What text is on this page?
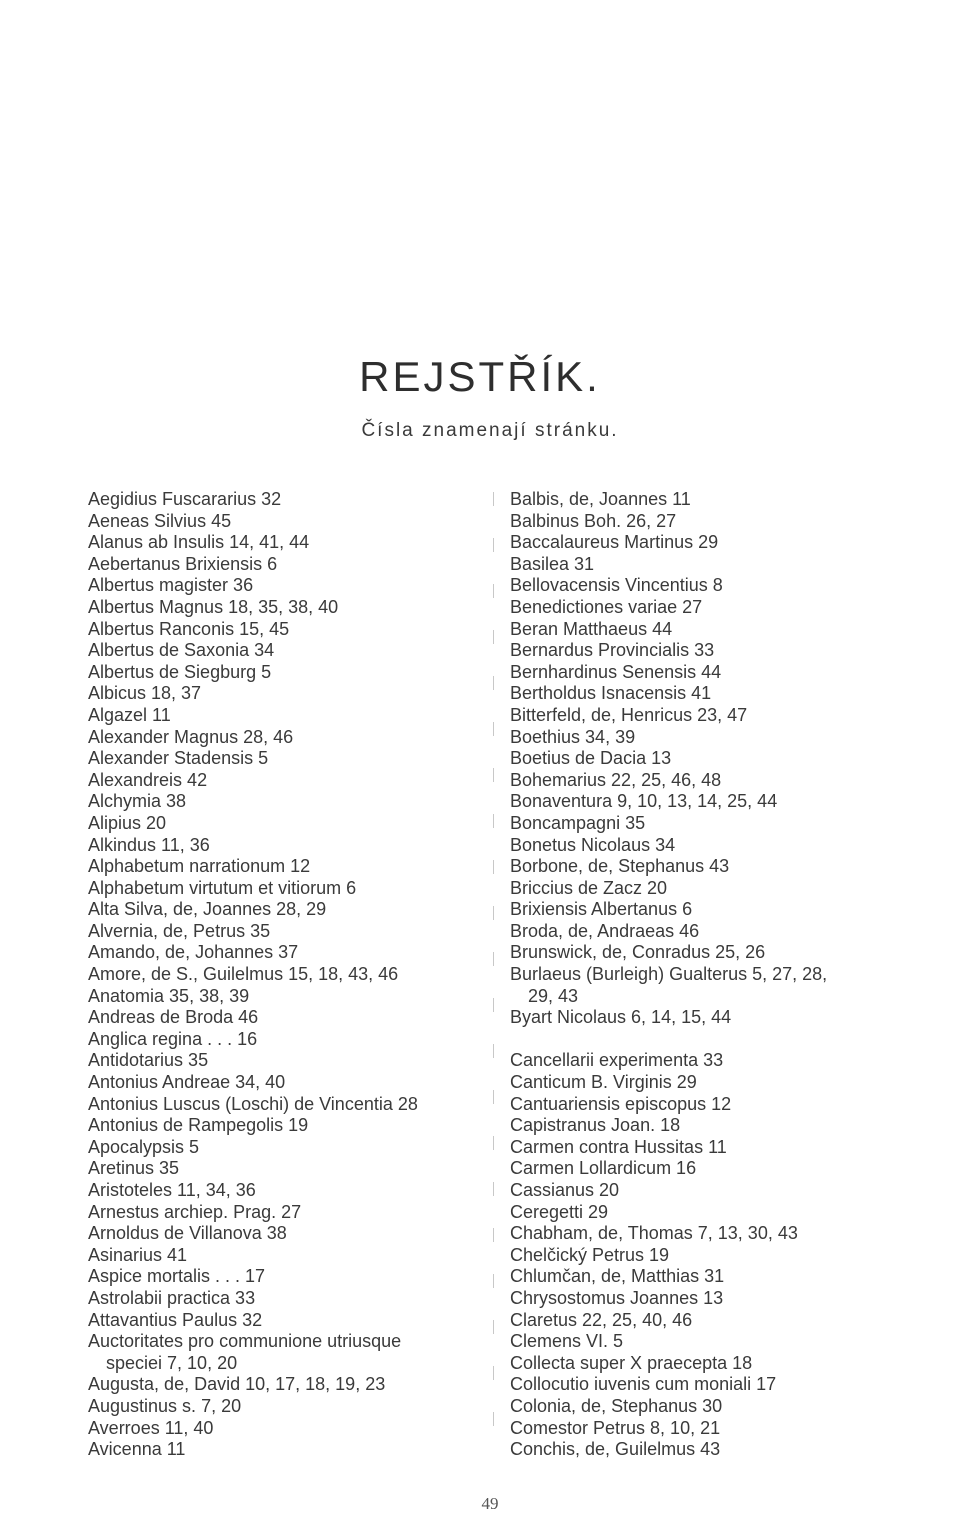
REJSTŘÍK.
Čísla znamenají stránku.
Aegidius Fuscararius 32
Aeneas Silvius 45
Alanus ab Insulis 14, 41, 44
Aebertanus Brixiensis 6
Albertus magister 36
Albertus Magnus 18, 35, 38, 40
Albertus Ranconis 15, 45
Albertus de Saxonia 34
Albertus de Siegburg 5
Albicus 18, 37
Algazel 11
Alexander Magnus 28, 46
Alexander Stadensis 5
Alexandreis 42
Alchymia 38
Alipius 20
Alkindus 11, 36
Alphabetum narrationum 12
Alphabetum virtutum et vitiorum 6
Alta Silva, de, Joannes 28, 29
Alvernia, de, Petrus 35
Amando, de, Johannes 37
Amore, de S., Guilelmus 15, 18, 43, 46
Anatomia 35, 38, 39
Andreas de Broda 46
Anglica regina . . . 16
Antidotarius 35
Antonius Andreae 34, 40
Antonius Luscus (Loschi) de Vincentia 28
Antonius de Rampegolis 19
Apocalypsis 5
Aretinus 35
Aristoteles 11, 34, 36
Arnestus archiep. Prag. 27
Arnoldus de Villanova 38
Asinarius 41
Aspice mortalis . . . 17
Astrolabii practica 33
Attavantius Paulus 32
Auctoritates pro communione utriusque
speciei 7, 10, 20
Augusta, de, David 10, 17, 18, 19, 23
Augustinus s. 7, 20
Averroes 11, 40
Avicenna 11
Balbis, de, Joannes 11
Balbinus Boh. 26, 27
Baccalaureus Martinus 29
Basilea 31
Bellovacensis Vincentius 8
Benedictiones variae 27
Beran Matthaeus 44
Bernardus Provincialis 33
Bernhardinus Senensis 44
Bertholdus Isnacensis 41
Bitterfeld, de, Henricus 23, 47
Boethius 34, 39
Boetius de Dacia 13
Bohemarius 22, 25, 46, 48
Bonaventura 9, 10, 13, 14, 25, 44
Boncampagni 35
Bonetus Nicolaus 34
Borbone, de, Stephanus 43
Briccius de Zacz 20
Brixiensis Albertanus 6
Broda, de, Andraeas 46
Brunswick, de, Conradus 25, 26
Burlaeus (Burleigh) Gualterus 5, 27, 28,
29, 43
Byart Nicolaus 6, 14, 15, 44
Cancellarii experimenta 33
Canticum B. Virginis 29
Cantuariensis episcopus 12
Capistranus Joan. 18
Carmen contra Hussitas 11
Carmen Lollardicum 16
Cassianus 20
Ceregetti 29
Chabham, de, Thomas 7, 13, 30, 43
Chelčický Petrus 19
Chlumčan, de, Matthias 31
Chrysostomus Joannes 13
Claretus 22, 25, 40, 46
Clemens VI. 5
Collecta super X praecepta 18
Collocutio iuvenis cum moniali 17
Colonia, de, Stephanus 30
Comestor Petrus 8, 10, 21
Conchis, de, Guilelmus 43
49
